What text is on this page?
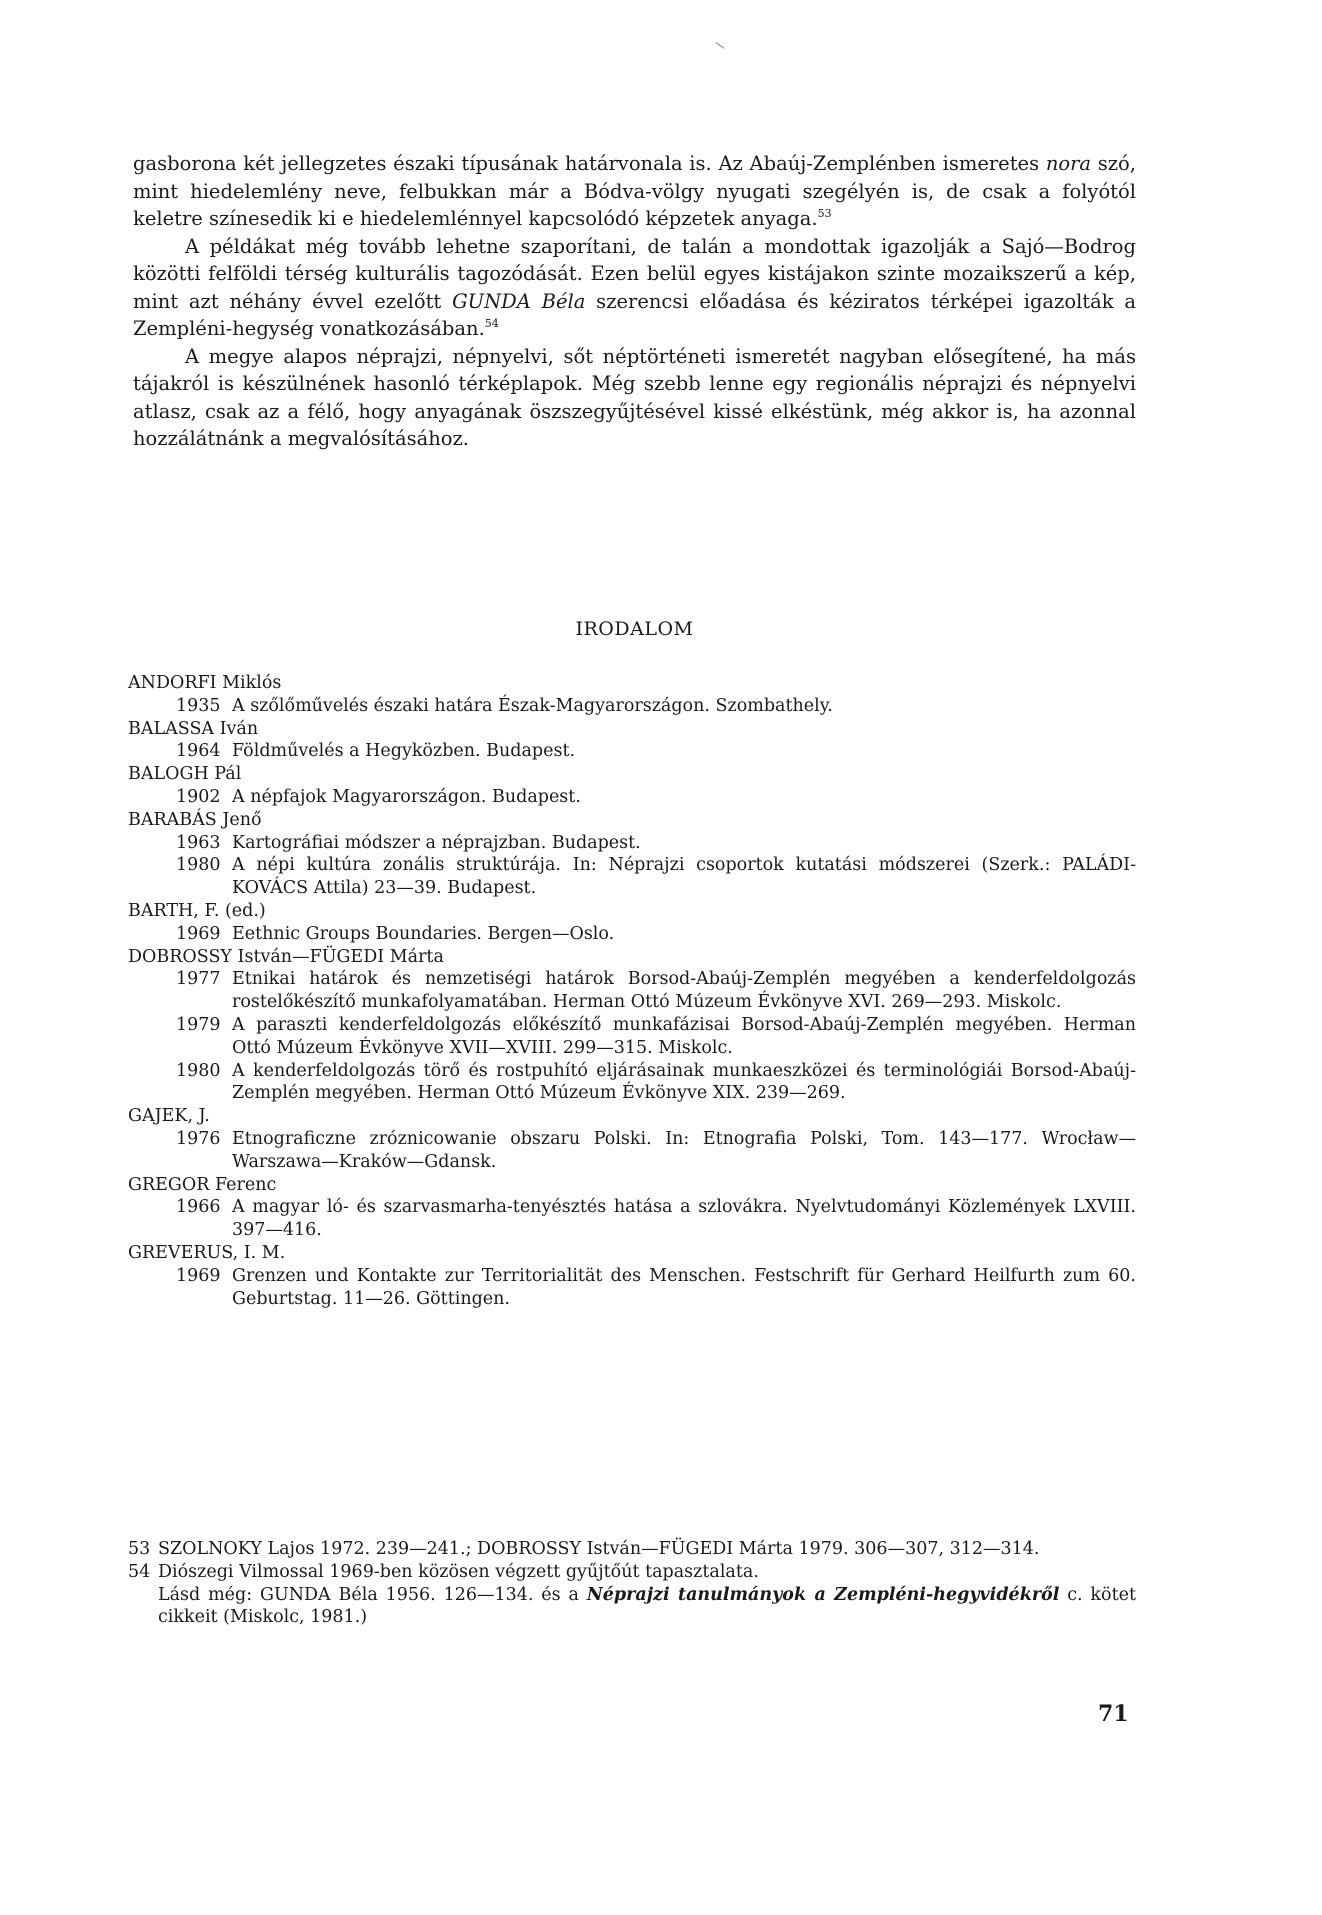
gasborona két jellegzetes északi típusának határvonala is. Az Abaúj-Zemplénben ismeretes nora szó, mint hiedelemlény neve, felbukkan már a Bódva-völgy nyugati szegélyén is, de csak a folyótól keletre színesedik ki e hiedelemlénnyel kapcsolódó képzetek anyaga.$^{53}$

A példákat még tovább lehetne szaporítani, de talán a mondottak igazolják a Sajó—Bodrog közötti felföldi térség kulturális tagozódását. Ezen belül egyes kistájakon szinte mozaikszerű a kép, mint azt néhány évvel ezelőtt GUNDA Béla szerencsi előadása és kéziratos térképei igazolták a Zempléni-hegység vonatkozásában.$^{54}$

A megye alapos néprajzi, népnyelvi, sőt néptörténeti ismeretét nagyban elősegítené, ha más tájakról is készülnének hasonló térképlapok. Még szebb lenne egy regionális néprajzi és népnyelvi atlasz, csak az a félő, hogy anyagának öszszegyűjtésével kissé elkéstünk, még akkor is, ha azonnal hozzálátnánk a megvalósításához.

IRODALOM
ANDORFI Miklós
1935 A szőlőművelés északi határa Észak-Magyarországon. Szombathely.
BALASSA Iván
1964 Földművelés a Hegyközben. Budapest.
BALOGH Pál
1902 A népfajok Magyarországon. Budapest.
BARABÁS Jenő
1963 Kartográfiai módszer a néprajzban. Budapest.
1980 A népi kultúra zonális struktúrája. In: Néprajzi csoportok kutatási módszerei (Szerk.: PALÁDI-KOVÁCS Attila) 23—39. Budapest.
BARTH, F. (ed.)
1969 Eethnic Groups Boundaries. Bergen—Oslo.
DOBROSSY István—FÜGEDI Márta
1977 Etnikai határok és nemzetiségi határok Borsod-Abaúj-Zemplén megyében a kenderfeldolgozás rostelőkészítő munkafolyamatában. Herman Ottó Múzeum Évkönyve XVI. 269—293. Miskolc.
1979 A paraszti kenderfeldolgozás előkészítő munkafázisai Borsod-Abaúj-Zemplén megyében. Herman Ottó Múzeum Évkönyve XVII—XVIII. 299—315. Miskolc.
1980 A kenderfeldolgozás törő és rostpuhító eljárásainak munkaeszközei és terminológiái Borsod-Abaúj-Zemplén megyében. Herman Ottó Múzeum Évkönyve XIX. 239—269.
GAJEK, J.
1976 Etnograficzne zróznicowanie obszaru Polski. In: Etnografia Polski, Tom. 143—177. Wrocław—Warszawa—Kraków—Gdansk.
GREGOR Ferenc
1966 A magyar ló- és szarvasmarha-tenyésztés hatása a szlovákra. Nyelvtudományi Közlemények LXVIII. 397—416.
GREVERUS, I. M.
1969 Grenzen und Kontakte zur Territorialität des Menschen. Festschrift für Gerhard Heilfurth zum 60. Geburtstag. 11—26. Göttingen.
53 SZOLNOKY Lajos 1972. 239—241.; DOBROSSY István—FÜGEDI Márta 1979. 306—307, 312—314.
54 Diószegi Vilmossal 1969-ben közösen végzett gyűjtőút tapasztalata.
Lásd még: GUNDA Béla 1956. 126—134. és a Néprajzi tanulmányok a Zempléni-hegyvidékről c. kötet cikkeit (Miskolc, 1981.)
71
